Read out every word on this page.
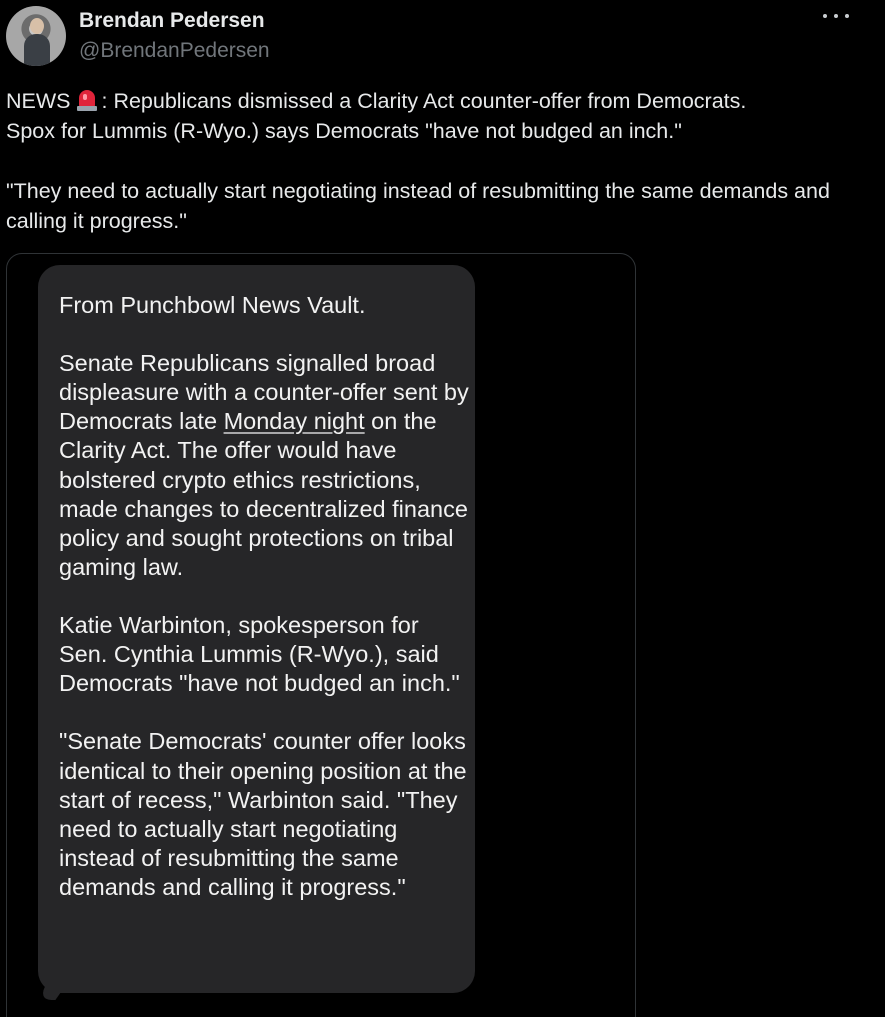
Brendan Pedersen
@BrendanPedersen

NEWS : Republicans dismissed a Clarity Act counter-offer from Democrats.

Spox for Lummis (R-Wyo.) says Democrats "have not budged an inch."

"They need to actually start negotiating instead of resubmitting the same demands and calling it progress."

From Punchbowl News Vault.

Senate Republicans signalled broad displeasure with a counter-offer sent by Democrats late Monday night on the Clarity Act. The offer would have bolstered crypto ethics restrictions, made changes to decentralized finance policy and sought protections on tribal gaming law.

Katie Warbinton, spokesperson for Sen. Cynthia Lummis (R-Wyo.), said Democrats "have not budged an inch."

"Senate Democrats' counter offer looks identical to their opening position at the start of recess," Warbinton said. "They need to actually start negotiating instead of resubmitting the same demands and calling it progress."
